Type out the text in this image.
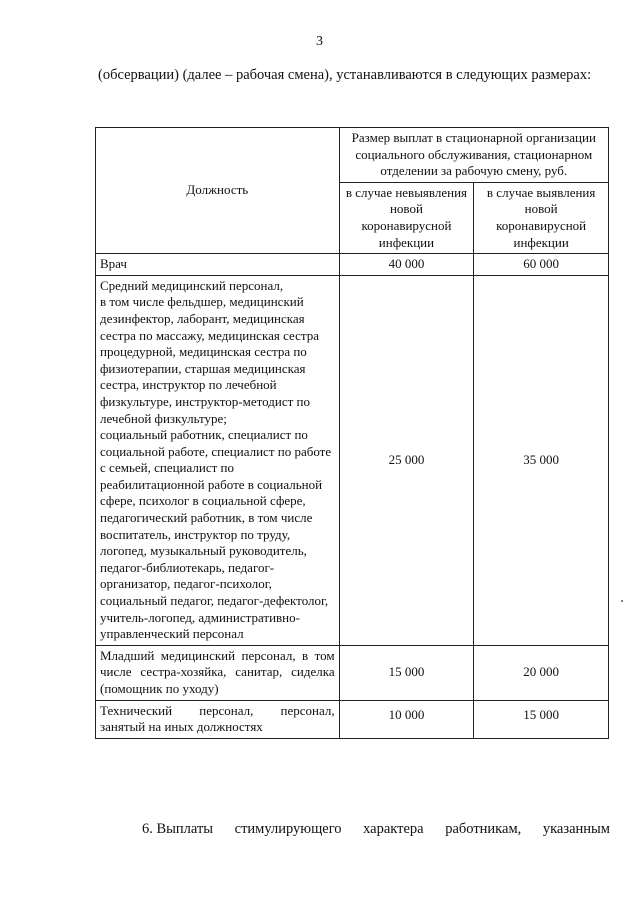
3
(обсервации) (далее – рабочая смена), устанавливаются в следующих размерах:
Должность	Размер выплат в стационарной организации социального обслуживания, стационарном отделении за рабочую смену, руб.	
	в случае невыявления новой коронавирусной инфекции	в случае выявления новой коронавирусной инфекции

Врач	40 000	60 000

Средний медицинский персонал,
в том числе фельдшер, медицинский дезинфектор, лаборант, медицинская сестра по массажу, медицинская сестра процедурной, медицинская сестра по физиотерапии, старшая медицинская сестра, инструктор по лечебной физкультуре, инструктор-методист по лечебной физкультуре;
социальный работник, специалист по социальной работе, специалист по работе с семьей, специалист по реабилитационной работе в социальной сфере, психолог в социальной сфере, педагогический работник, в том числе воспитатель, инструктор по труду, логопед, музыкальный руководитель, педагог-библиотекарь, педагог-организатор, педагог-психолог, социальный педагог, педагог-дефектолог, учитель-логопед, административно-управленческий персонал	25 000	35 000

Младший медицинский персонал, в том числе сестра-хозяйка, санитар, сиделка (помощник по уходу)	15 000	20 000

Технический персонал, персонал, занятый на иных должностях	10 000	15 000
6. Выплаты стимулирующего характера работникам, указанным
